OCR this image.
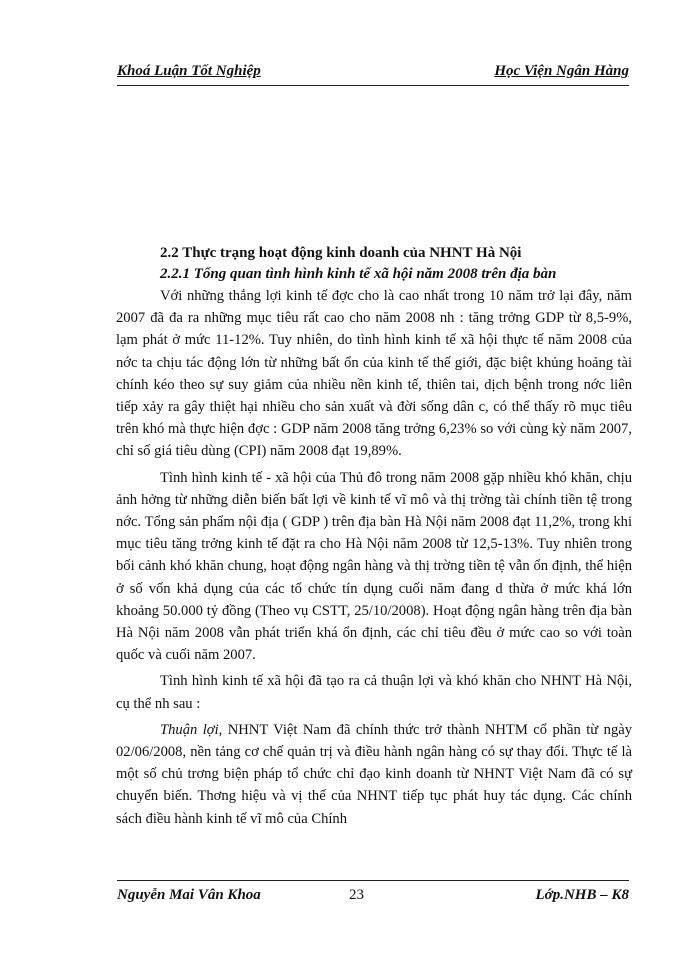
Khoá Luận Tốt Nghiệp	Học Viện Ngân Hàng
2.2 Thực trạng hoạt động kinh doanh của NHNT Hà Nội
2.2.1 Tổng quan tình hình kinh tế xã hội năm 2008 trên địa bàn

Với những thắng lợi kinh tế đợc cho là cao nhất trong 10 năm trở lại đây, năm 2007 đã đa ra những mục tiêu rất cao cho năm 2008 nh : tăng trởng GDP từ 8,5-9%, lạm phát ở mức 11-12%. Tuy nhiên, do tình hình kinh tế xã hội thực tế năm 2008 của nớc ta chịu tác động lớn từ những bất ổn của kinh tế thế giới, đặc biệt khủng hoảng tài chính kéo theo sự suy giảm của nhiều nền kinh tế, thiên tai, dịch bệnh trong nớc liên tiếp xảy ra gây thiệt hại nhiều cho sản xuất và đời sống dân c, có thể thấy rõ mục tiêu trên khó mà thực hiện đợc : GDP năm 2008 tăng trởng 6,23% so với cùng kỳ năm 2007, chỉ số giá tiêu dùng (CPI) năm 2008 đạt 19,89%.

Tình hình kinh tế - xã hội của Thủ đô trong năm 2008 gặp nhiều khó khăn, chịu ảnh hởng từ những diễn biến bất lợi về kinh tế vĩ mô và thị trờng tài chính tiền tệ trong nớc. Tổng sản phẩm nội địa ( GDP ) trên địa bàn Hà Nội năm 2008 đạt 11,2%, trong khi mục tiêu tăng trởng kinh tế đặt ra cho Hà Nội năm 2008 từ 12,5-13%. Tuy nhiên trong bối cảnh khó khăn chung, hoạt động ngân hàng và thị trờng tiền tệ vẫn ổn định, thể hiện ở số vốn khả dụng của các tổ chức tín dụng cuối năm đang d thừa ở mức khá lớn khoảng 50.000 tỷ đồng (Theo vụ CSTT, 25/10/2008). Hoạt động ngân hàng trên địa bàn Hà Nội năm 2008 vẫn phát triển khá ổn định, các chỉ tiêu đều ở mức cao so với toàn quốc và cuối năm 2007.

Tình hình kinh tế xã hội đã tạo ra cả thuận lợi và khó khăn cho NHNT Hà Nội, cụ thể nh sau :

Thuận lợi, NHNT Việt Nam đã chính thức trở thành NHTM cổ phần từ ngày 02/06/2008, nền tảng cơ chế quản trị và điều hành ngân hàng có sự thay đổi. Thực tế là một số chủ trơng biện pháp tổ chức chỉ đạo kinh doanh từ NHNT Việt Nam đã có sự chuyển biến. Thơng hiệu và vị thế của NHNT tiếp tục phát huy tác dụng. Các chính sách điều hành kinh tế vĩ mô của Chính

Nguyễn Mai Vân Khoa	23	Lớp.NHB – K8
